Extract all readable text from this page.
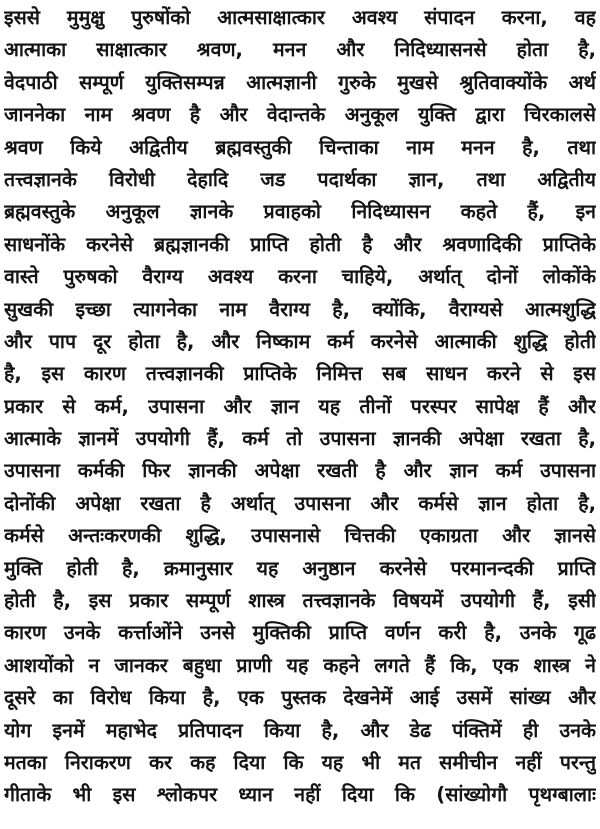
इससे मुमुक्षु पुरुषोंको आत्मसाक्षात्कार अवश्य संपादन करना, वह
आत्माका साक्षात्कार श्रवण, मनन और निदिध्यासनसे होता है,
वेदपाठी सम्पूर्ण युक्तिसम्पन्न आत्मज्ञानी गुरुके मुखसे श्रुतिवाक्योंके अर्थ
जाननेका नाम श्रवण है और वेदान्तके अनुकूल युक्ति द्वारा चिरकालसे
श्रवण किये अद्वितीय ब्रह्मवस्तुकी चिन्ताका नाम मनन है, तथा
तत्त्वज्ञानके विरोधी देहादि जड पदार्थका ज्ञान, तथा अद्वितीय
ब्रह्मवस्तुके अनुकूल ज्ञानके प्रवाहको निदिध्यासन कहते हैं, इन
साधनोंके करनेसे ब्रह्मज्ञानकी प्राप्ति होती है और श्रवणादिकी प्राप्तिके
वास्ते पुरुषको वैराग्य अवश्य करना चाहिये, अर्थात् दोनों लोकोंके
सुखकी इच्छा त्यागनेका नाम वैराग्य है, क्योंकि, वैराग्यसे आत्मशुद्धि
और पाप दूर होता है, और निष्काम कर्म करनेसे आत्माकी शुद्धि होती
है, इस कारण तत्त्वज्ञानकी प्राप्तिके निमित्त सब साधन करने से इस
प्रकार से कर्म, उपासना और ज्ञान यह तीनों परस्पर सापेक्ष हैं और
आत्माके ज्ञानमें उपयोगी हैं, कर्म तो उपासना ज्ञानकी अपेक्षा रखता है,
उपासना कर्मकी फिर ज्ञानकी अपेक्षा रखती है और ज्ञान कर्म उपासना
दोनोंकी अपेक्षा रखता है अर्थात् उपासना और कर्मसे ज्ञान होता है,
कर्मसे अन्तःकरणकी शुद्धि, उपासनासे चित्तकी एकाग्रता और ज्ञानसे
मुक्ति होती है, क्रमानुसार यह अनुष्ठान करनेसे परमानन्दकी प्राप्ति
होती है, इस प्रकार सम्पूर्ण शास्त्र तत्त्वज्ञानके विषयमें उपयोगी हैं, इसी
कारण उनके कर्त्ताओंने उनसे मुक्तिकी प्राप्ति वर्णन करी है, उनके गूढ
आशयोंको न जानकर बहुधा प्राणी यह कहने लगते हैं कि, एक शास्त्र ने
दूसरे का विरोध किया है, एक पुस्तक देखनेमें आई उसमें सांख्य और
योग इनमें महाभेद प्रतिपादन किया है, और डेढ पंक्तिमें ही उनके
मतका निराकरण कर कह दिया कि यह भी मत समीचीन नहीं परन्तु
गीताके भी इस श्लोकपर ध्यान नहीं दिया कि (सांख्योगौ पृथग्बालाः
